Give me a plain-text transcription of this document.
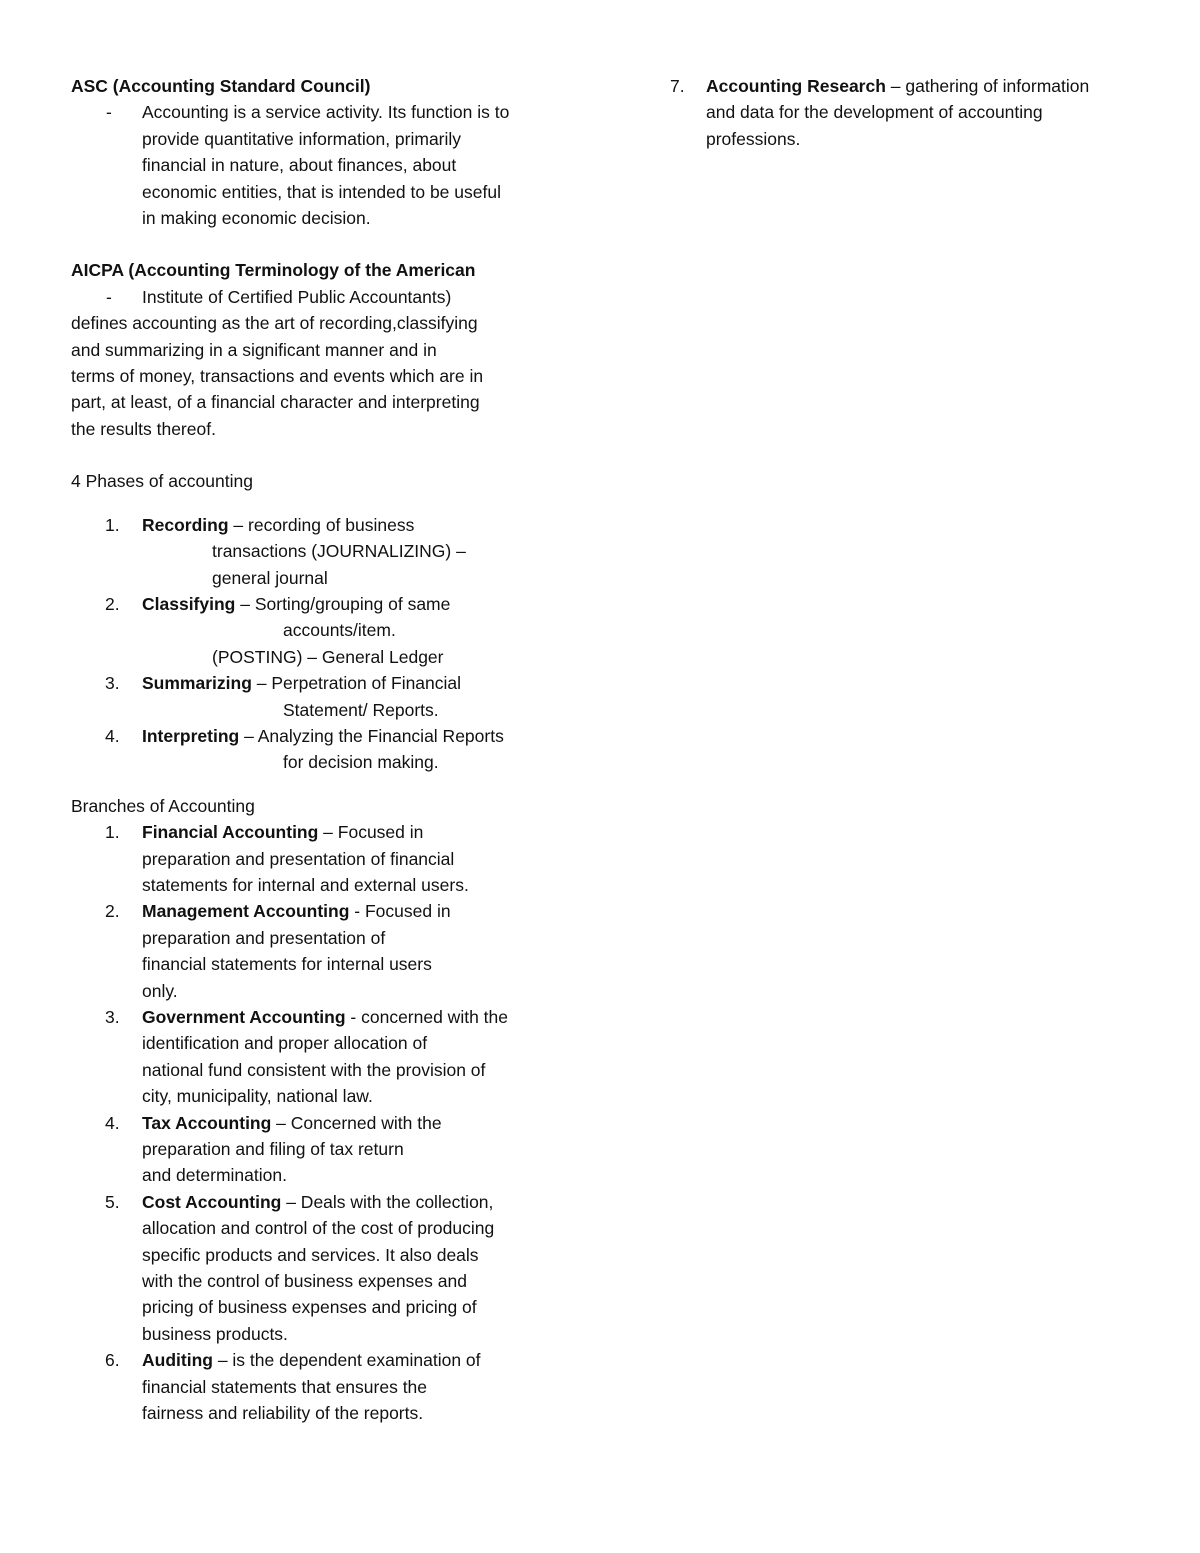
ASC (Accounting Standard Council)
- Accounting is a service activity. Its function is to
provide quantitative information, primarily
financial in nature, about finances, about
economic entities, that is intended to be useful
in making economic decision.
AICPA (Accounting Terminology of the American
-	Institute of Certified Public Accountants)
defines accounting as the art of recording,classifying
and summarizing in a significant manner and in
terms of money, transactions and events which are in
part, at least, of a financial character and interpreting
the results thereof.
4 Phases of accounting
1.	Recording – recording of business
transactions (JOURNALIZING) –
general journal
2.	Classifying – Sorting/grouping of same
accounts/item.
(POSTING) – General Ledger
3.	Summarizing – Perpetration of Financial
Statement/ Reports.
4.	Interpreting – Analyzing the Financial Reports
for decision making.
Branches of Accounting
1. Financial Accounting – Focused in
preparation and presentation of financial
statements for internal and external users.
2. Management Accounting - Focused in
preparation and presentation of
financial statements for internal users
only.
3. Government Accounting - concerned with the
identification and proper allocation of
national fund consistent with the provision of
city, municipality, national law.
4. Tax Accounting – Concerned with the
preparation and filing of tax return
and determination.
5. Cost Accounting – Deals with the collection,
allocation and control of the cost of producing
specific products and services. It also deals
with the control of business expenses and
pricing of business expenses and pricing of
business products.
6. Auditing – is the dependent examination of
financial statements that ensures the
fairness and reliability of the reports.
7. Accounting Research – gathering of information
and data for the development of accounting
professions.
